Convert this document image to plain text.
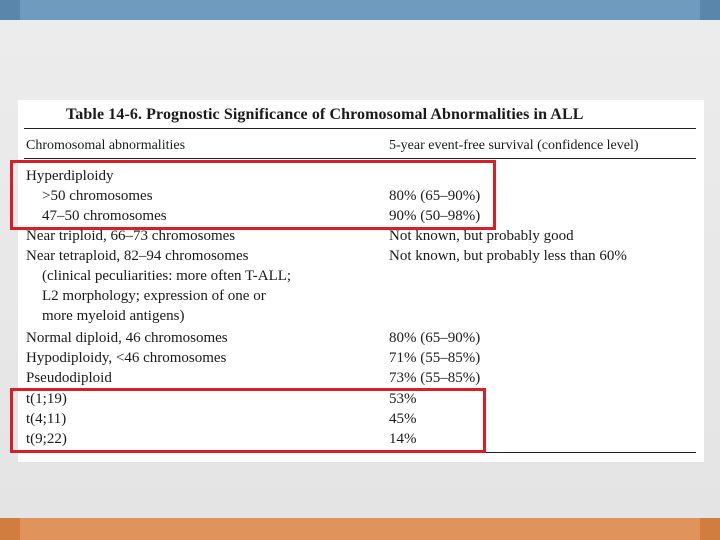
Table 14-6. Prognostic Significance of Chromosomal Abnormalities in ALL
Chromosomal abnormalities	5-year event-free survival (confidence level)
Hyperdiploidy
>50 chromosomes	80% (65–90%)
47–50 chromosomes	90% (50–98%)
Near triploid, 66–73 chromosomes	Not known, but probably good
Near tetraploid, 82–94 chromosomes	Not known, but probably less than 60%
(clinical peculiarities: more often T-ALL;
L2 morphology; expression of one or
more myeloid antigens)
Normal diploid, 46 chromosomes	80% (65–90%)
Hypodiploidy, <46 chromosomes	71% (55–85%)
Pseudodiploid	73% (55–85%)
t(1;19)	53%
t(4;11)	45%
t(9;22)	14%
